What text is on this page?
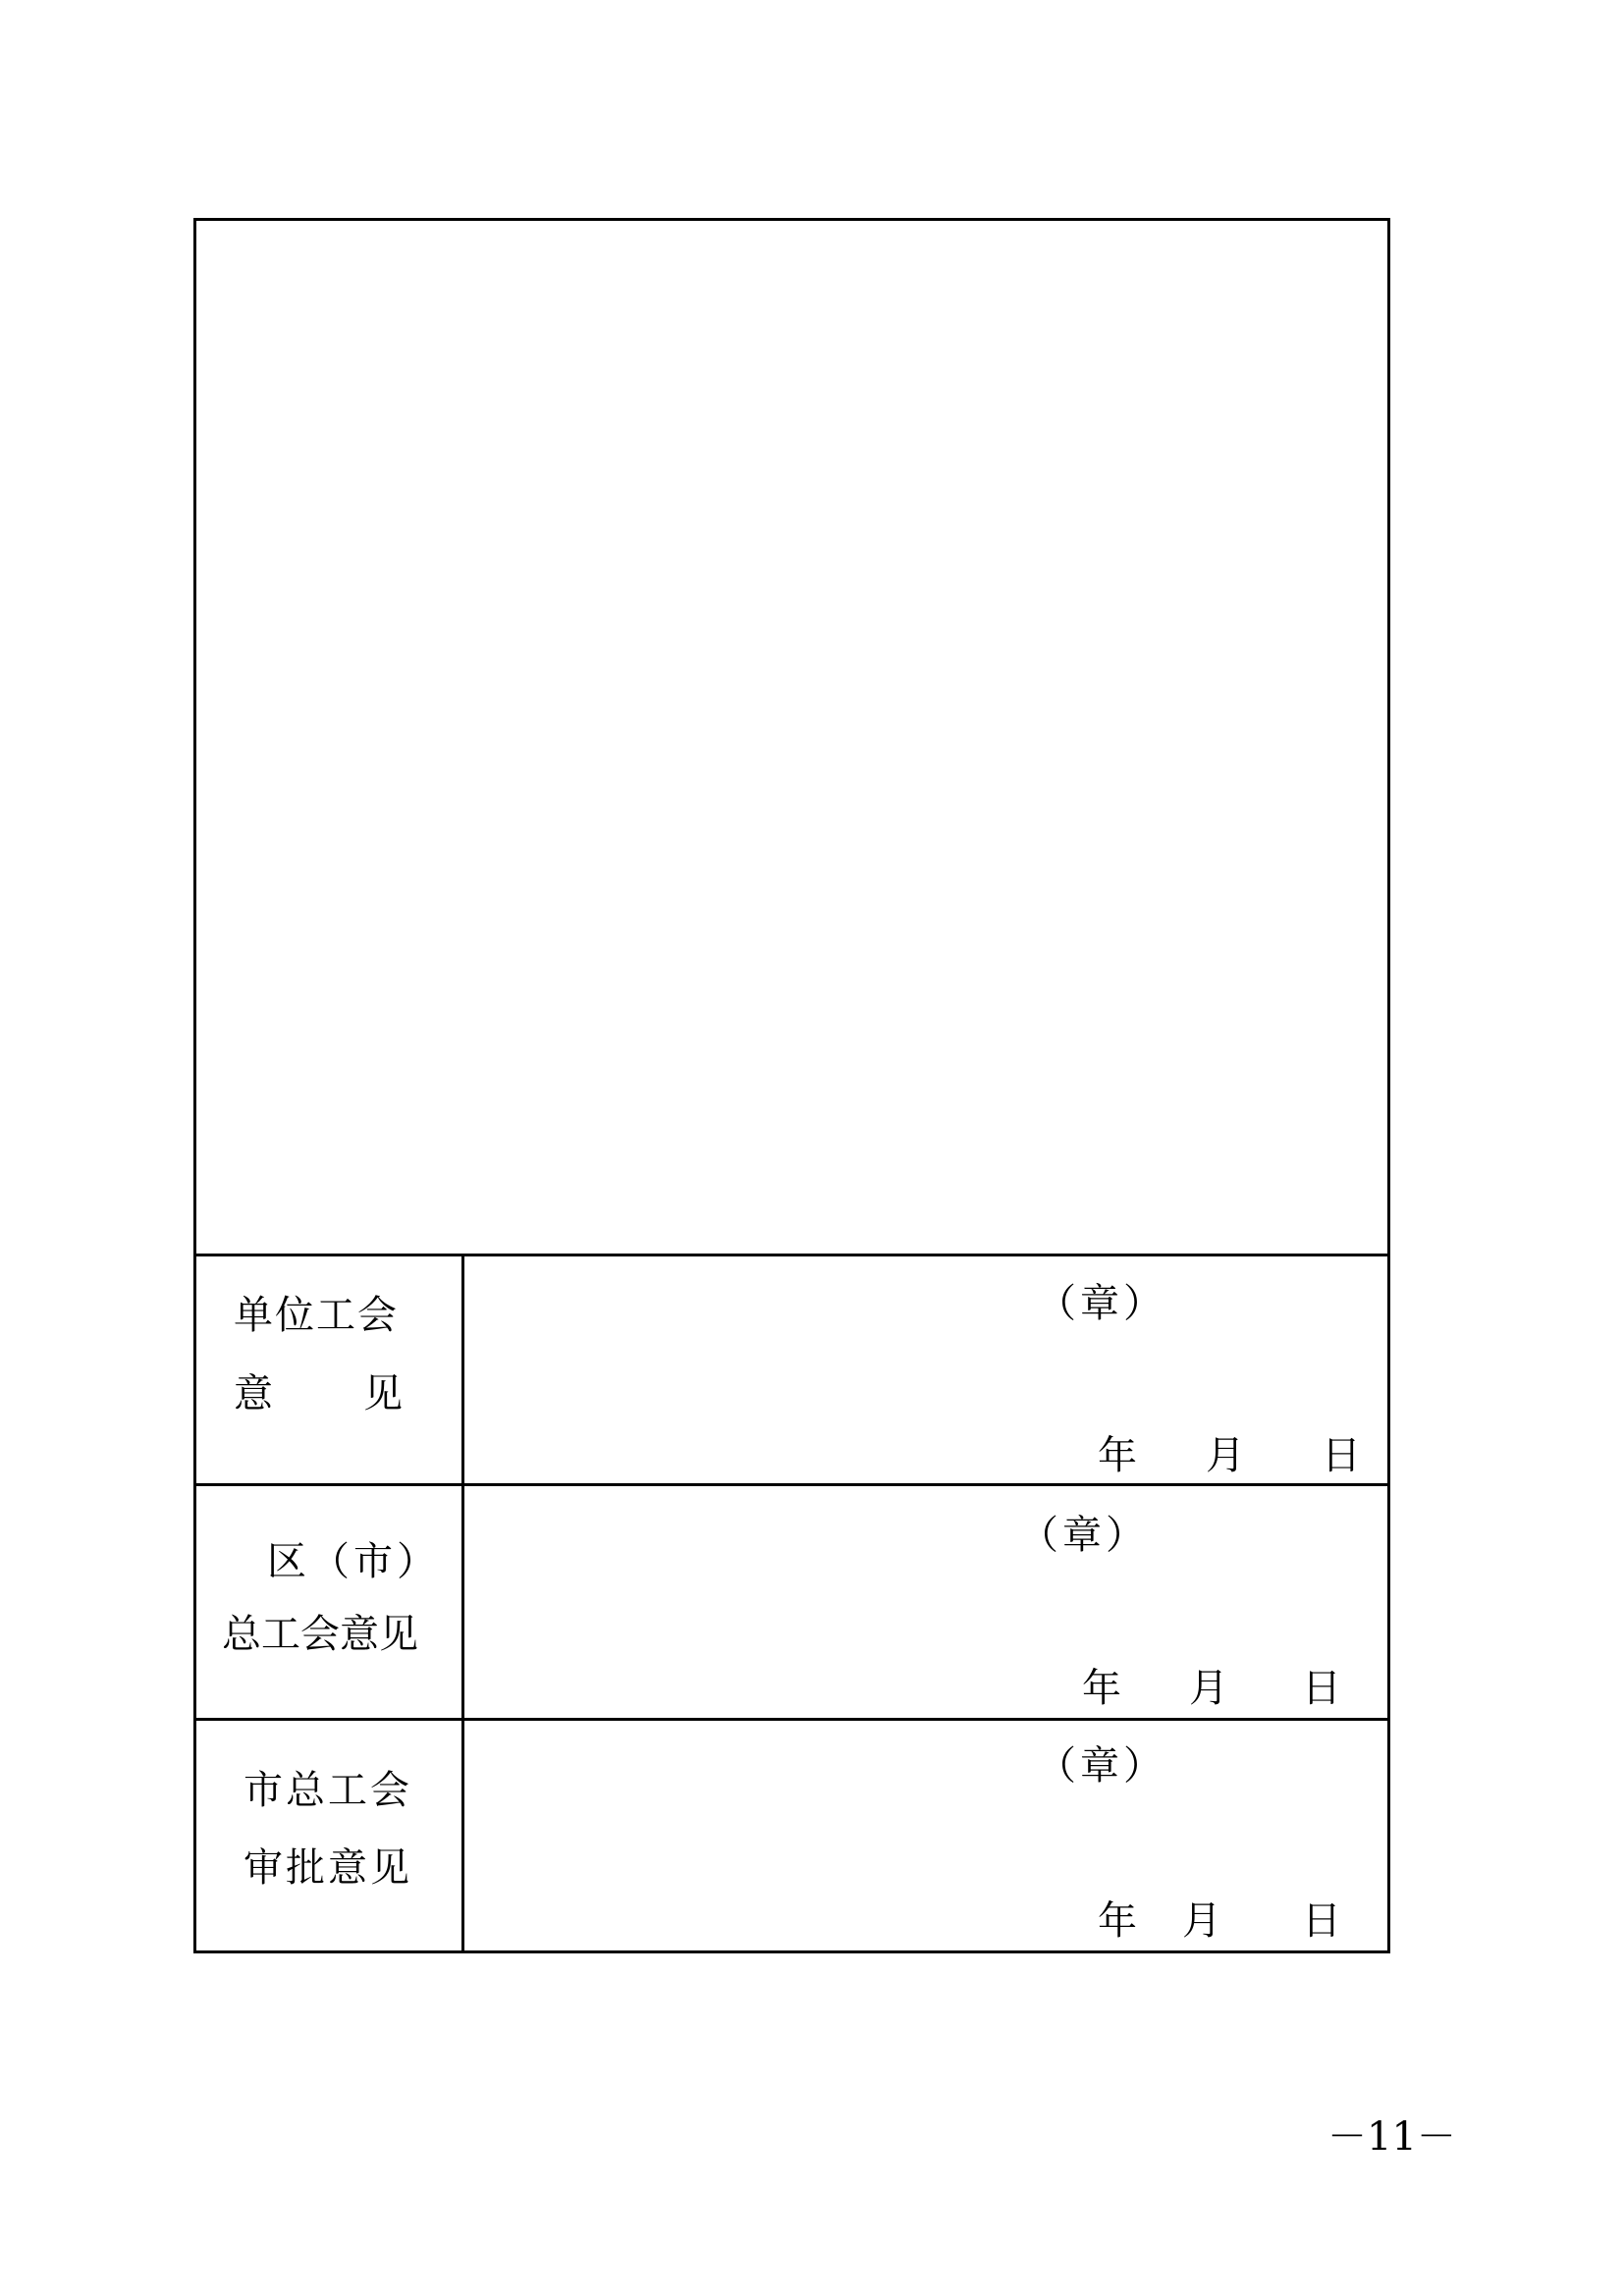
单位工会
意　　见
（章）
年 月 日
区（市）
总工会意见
（章）
年 月 日
市总工会
审批意见
（章）
年 月 日
－11－
